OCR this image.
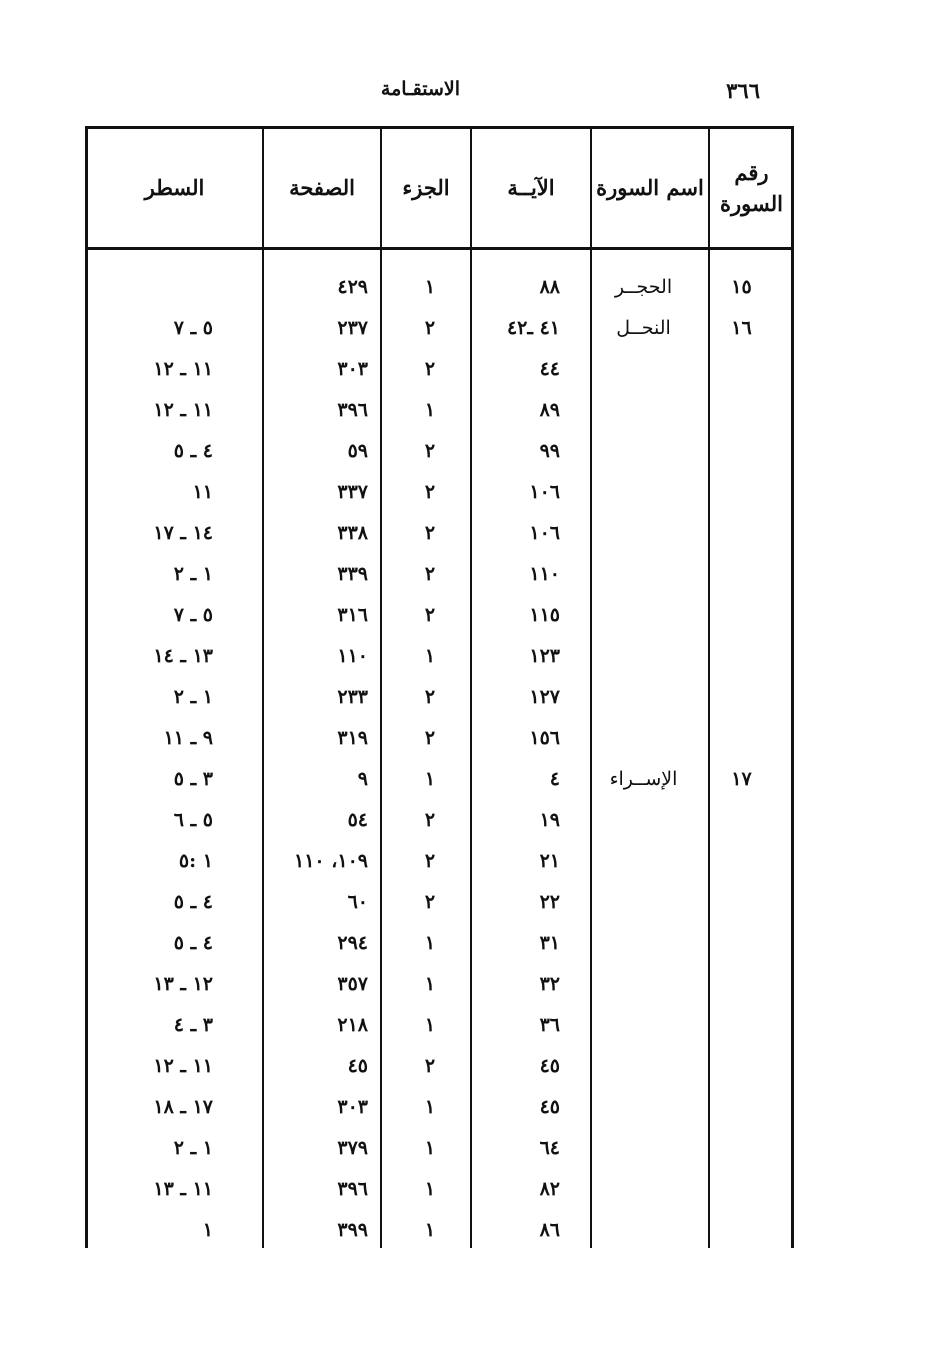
٣٦٦
الاستقـامة
رقم السورة
اسم السورة
الآيــة
الجزء
الصفحة
السطر
١٥
الحجــر
٨٨
١
٤٢٩
١٦
النحــل
٤١ ـ٤٢
٢
٢٣٧
٥ ـ ٧
٤٤
٢
٣٠٣
١١ ـ ١٢
٨٩
١
٣٩٦
١١ ـ ١٢
٩٩
٢
٥٩
٤ ـ ٥
١٠٦
٢
٣٣٧
١١
١٠٦
٢
٣٣٨
١٤ ـ ١٧
١١٠
٢
٣٣٩
١ ـ ٢
١١٥
٢
٣١٦
٥ ـ ٧
١٢٣
١
١١٠
١٣ ـ ١٤
١٢٧
٢
٢٣٣
١ ـ ٢
١٥٦
٢
٣١٩
٩ ـ ١١
١٧
الإســراء
٤
١
٩
٣ ـ ٥
١٩
٢
٥٤
٥ ـ ٦
٢١
٢
١٠٩، ١١٠
١ :٥
٢٢
٢
٦٠
٤ ـ ٥
٣١
١
٢٩٤
٤ ـ ٥
٣٢
١
٣٥٧
١٢ ـ ١٣
٣٦
١
٢١٨
٣ ـ ٤
٤٥
٢
٤٥
١١ ـ ١٢
٤٥
١
٣٠٣
١٧ ـ ١٨
٦٤
١
٣٧٩
١ ـ ٢
٨٢
١
٣٩٦
١١ ـ ١٣
٨٦
١
٣٩٩
١
